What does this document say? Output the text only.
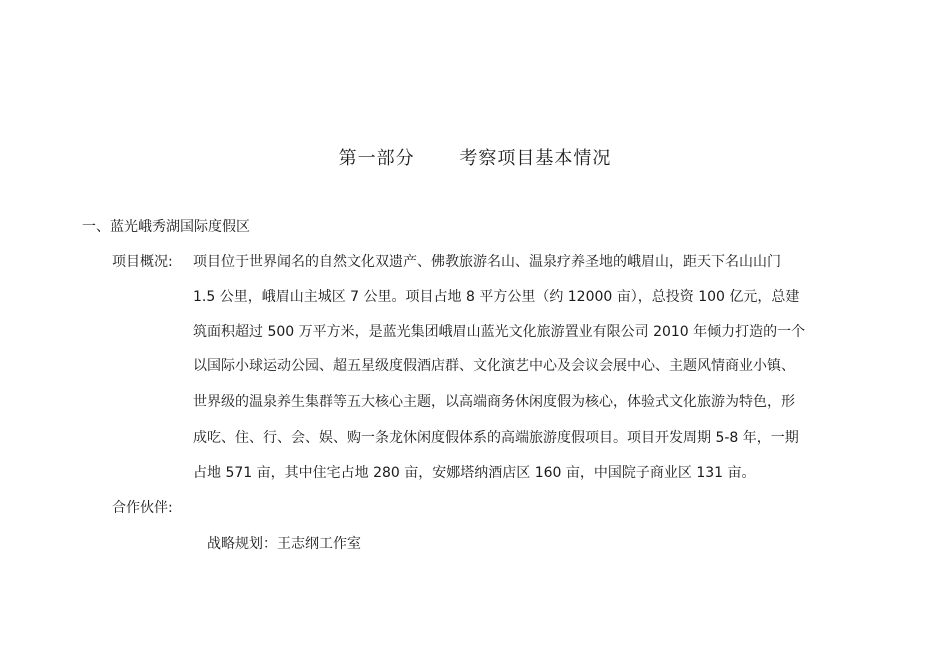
第一部分 考察项目基本情况
一、蓝光峨秀湖国际度假区
项目概况: 项目位于世界闻名的自然文化双遗产、佛教旅游名山、温泉疗养圣地的峨眉山，距天下名山山门
1.5 公里，峨眉山主城区 7 公里。项目占地 8 平方公里（约 12000 亩），总投资 100 亿元，总建
筑面积超过 500 万平方米，是蓝光集团峨眉山蓝光文化旅游置业有限公司 2010 年倾力打造的一个
以国际小球运动公园、超五星级度假酒店群、文化演艺中心及会议会展中心、主题风情商业小镇、
世界级的温泉养生集群等五大核心主题，以高端商务休闲度假为核心，体验式文化旅游为特色，形
成吃、住、行、会、娱、购一条龙休闲度假体系的高端旅游度假项目。项目开发周期 5-8 年，一期
占地 571 亩，其中住宅占地 280 亩，安娜塔纳酒店区 160 亩，中国院子商业区 131 亩。
合作伙伴:
战略规划：王志纲工作室
